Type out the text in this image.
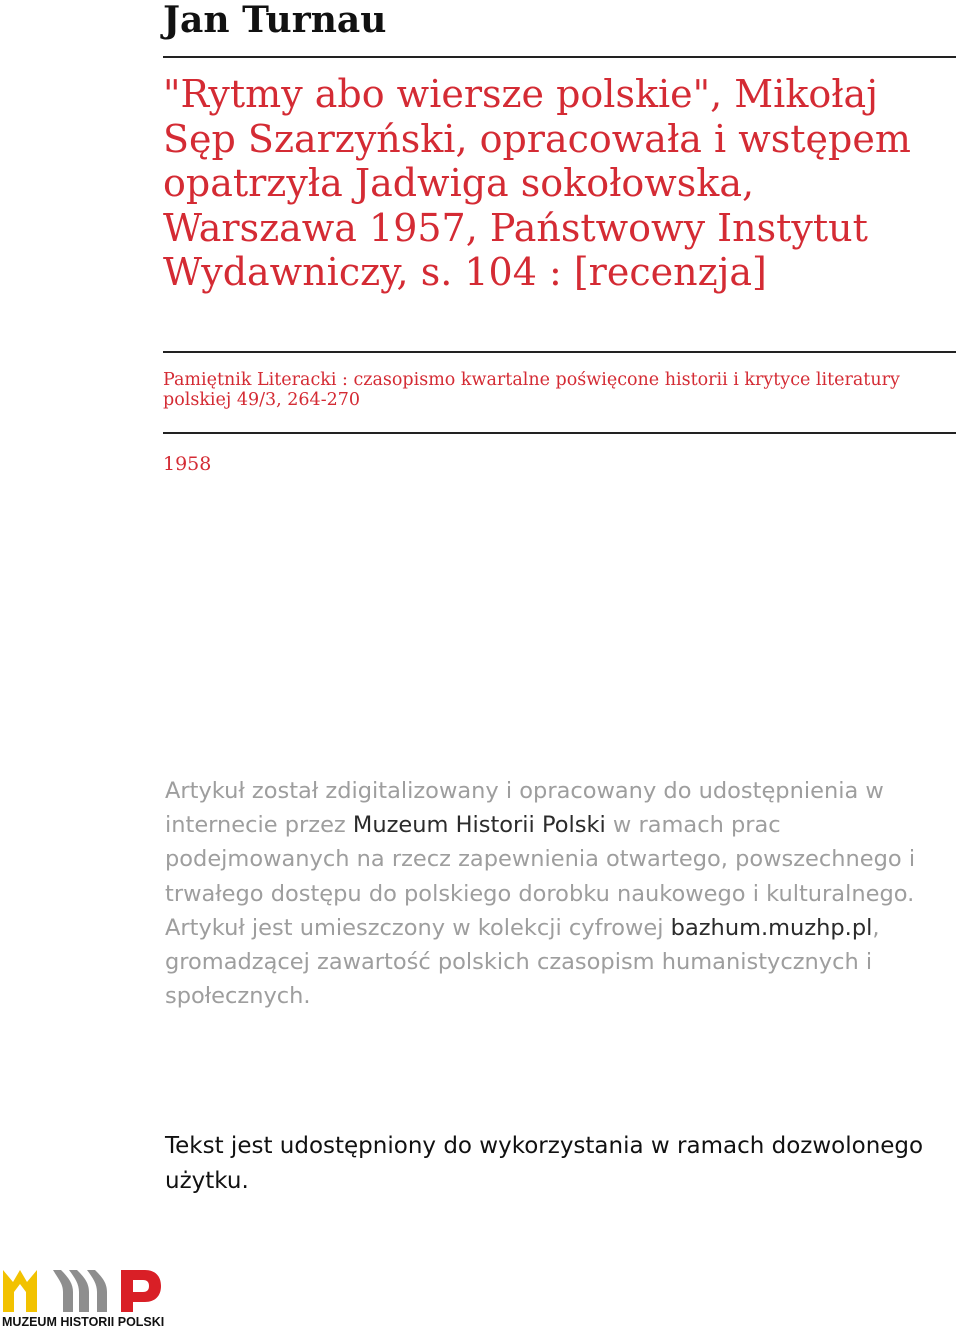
Jan Turnau
"Rytmy abo wiersze polskie", Mikołaj Sęp Szarzyński, opracowała i wstępem opatrzyła Jadwiga sokołowska, Warszawa 1957, Państwowy Instytut Wydawniczy, s. 104 : [recenzja]

Pamiętnik Literacki : czasopismo kwartalne poświęcone historii i krytyce literatury polskiej 49/3, 264-270

1958

Artykuł został zdigitalizowany i opracowany do udostępnienia w internecie przez Muzeum Historii Polski w ramach prac podejmowanych na rzecz zapewnienia otwartego, powszechnego i trwałego dostępu do polskiego dorobku naukowego i kulturalnego. Artykuł jest umieszczony w kolekcji cyfrowej bazhum.muzhp.pl, gromadzącej zawartość polskich czasopism humanistycznych i społecznych.

Tekst jest udostępniony do wykorzystania w ramach dozwolonego użytku.

MUZEUM HISTORII POLSKI
